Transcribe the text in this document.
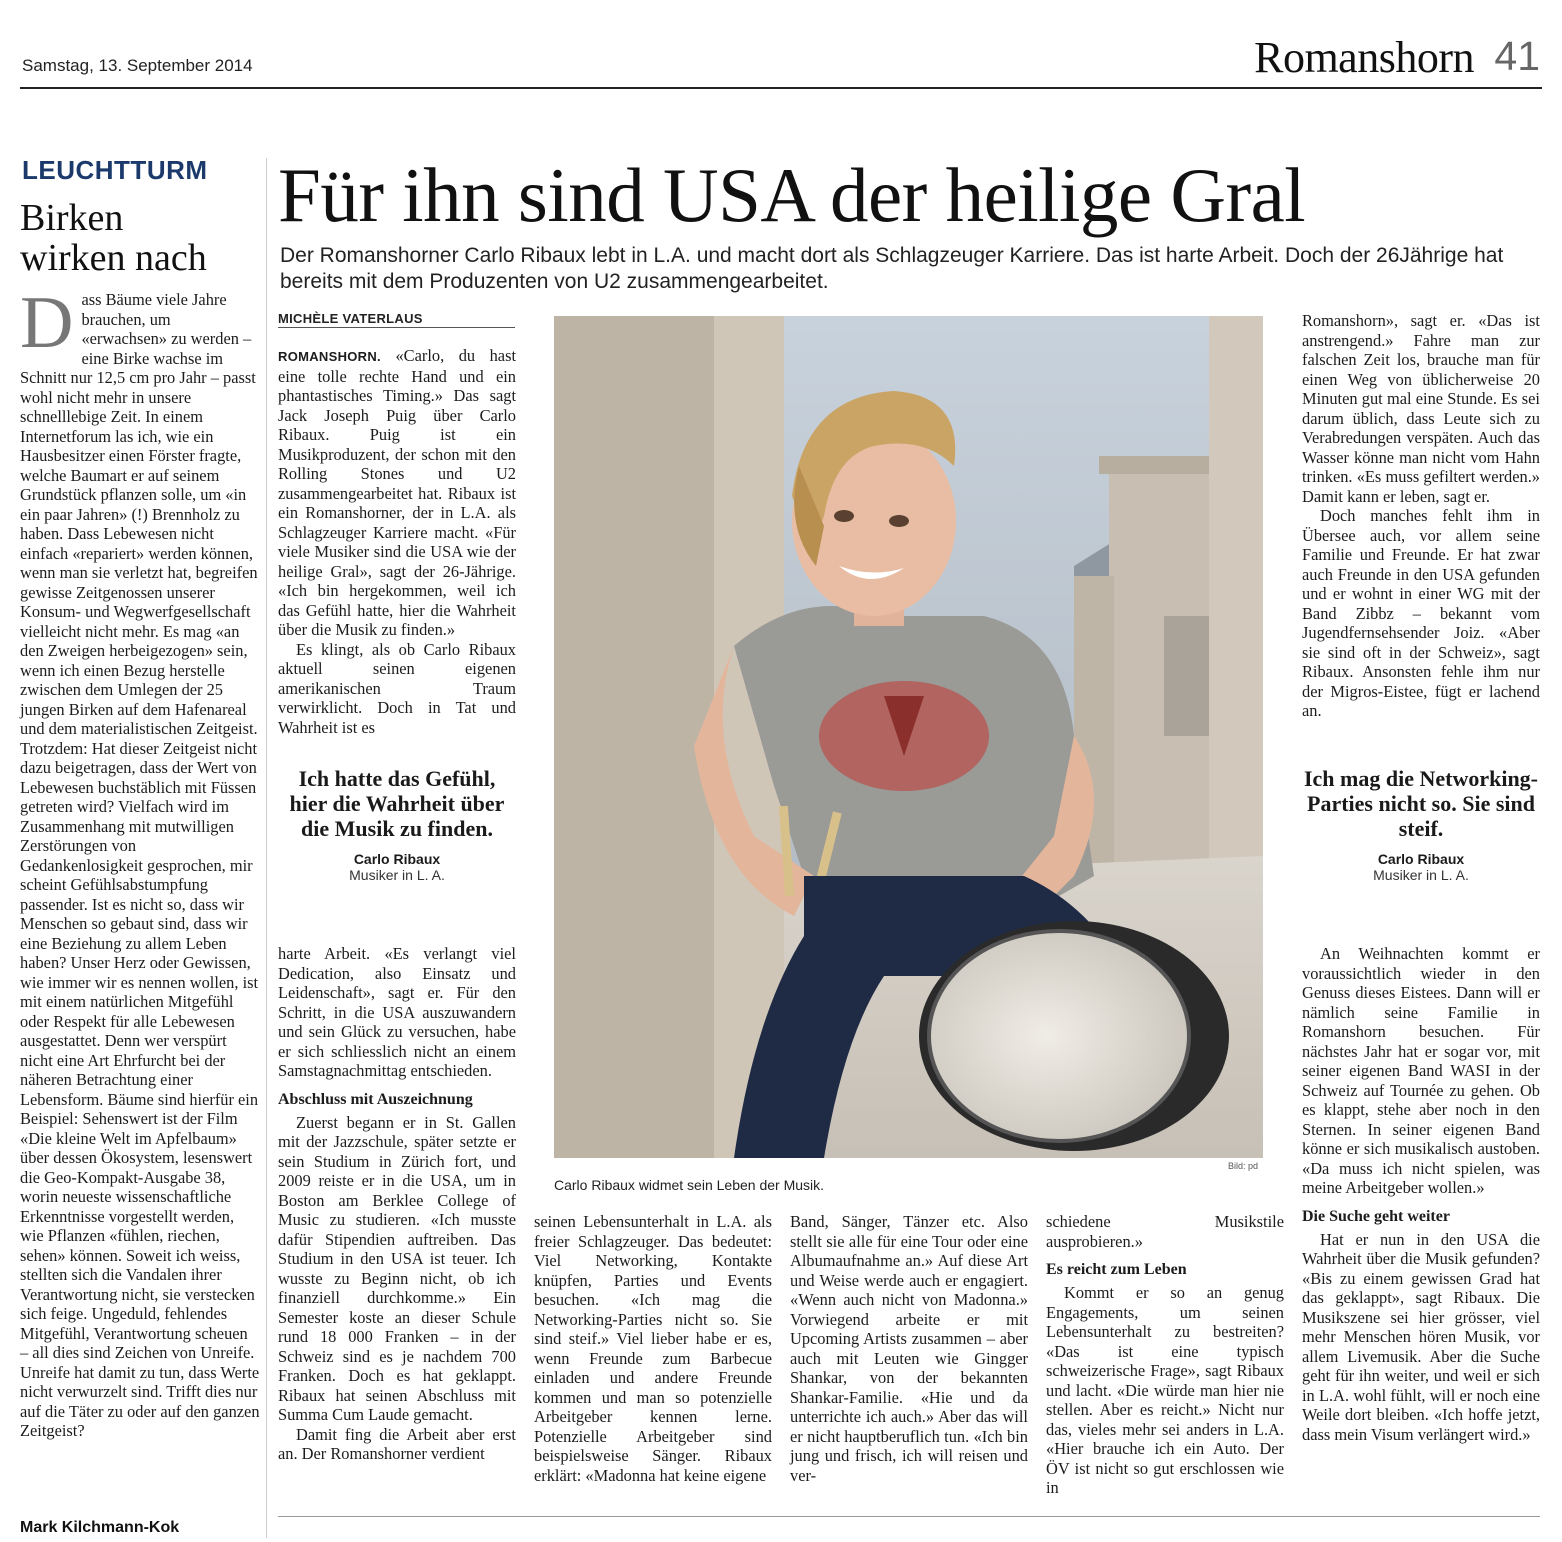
Samstag, 13. September 2014	Romanshorn 41
LEUCHTTURM
Birken
wirken nach
Dass Bäume viele Jahre brauchen, um «erwachsen» zu werden – eine Birke wachse im Schnitt nur 12,5 cm pro Jahr – passt wohl nicht mehr in unsere schnelllebige Zeit. In einem Internetforum las ich, wie ein Hausbesitzer einen Förster fragte, welche Baumart er auf seinem Grundstück pflanzen solle, um «in ein paar Jahren» (!) Brennholz zu haben. Dass Lebewesen nicht einfach «repariert» werden können, wenn man sie verletzt hat, begreifen gewisse Zeitgenossen unserer Konsum- und Wegwerfgesellschaft vielleicht nicht mehr. Es mag «an den Zweigen herbeigezogen» sein, wenn ich einen Bezug herstelle zwischen dem Umlegen der 25 jungen Birken auf dem Hafenareal und dem materialistischen Zeitgeist. Trotzdem: Hat dieser Zeitgeist nicht dazu beigetragen, dass der Wert von Lebewesen buchstäblich mit Füssen getreten wird? Vielfach wird im Zusammenhang mit mutwilligen Zerstörungen von Gedankenlosigkeit gesprochen, mir scheint Gefühlsabstumpfung passender. Ist es nicht so, dass wir Menschen so gebaut sind, dass wir eine Beziehung zu allem Leben haben? Unser Herz oder Gewissen, wie immer wir es nennen wollen, ist mit einem natürlichen Mitgefühl oder Respekt für alle Lebewesen ausgestattet. Denn wer verspürt nicht eine Art Ehrfurcht bei der näheren Betrachtung einer Lebensform. Bäume sind hierfür ein Beispiel: Sehenswert ist der Film «Die kleine Welt im Apfelbaum» über dessen Ökosystem, lesenswert die Geo-Kompakt-Ausgabe 38, worin neueste wissenschaftliche Erkenntnisse vorgestellt werden, wie Pflanzen «fühlen, riechen, sehen» können. Soweit ich weiss, stellten sich die Vandalen ihrer Verantwortung nicht, sie verstecken sich feige. Ungeduld, fehlendes Mitgefühl, Verantwortung scheuen – all dies sind Zeichen von Unreife. Unreife hat damit zu tun, dass Werte nicht verwurzelt sind. Trifft dies nur auf die Täter zu oder auf den ganzen Zeitgeist?
Mark Kilchmann-Kok
Für ihn sind USA der heilige Gral
Der Romanshorner Carlo Ribaux lebt in L.A. und macht dort als Schlagzeuger Karriere. Das ist harte Arbeit. Doch der 26Jährige hat bereits mit dem Produzenten von U2 zusammengearbeitet.
MICHÈLE VATERLAUS

ROMANSHORN. «Carlo, du hast eine tolle rechte Hand und ein phantastisches Timing.» Das sagt Jack Joseph Puig über Carlo Ribaux. Puig ist ein Musikproduzent, der schon mit den Rolling Stones und U2 zusammengearbeitet hat. Ribaux ist ein Romanshorner, der in L.A. als Schlagzeuger Karriere macht. «Für viele Musiker sind die USA wie der heilige Gral», sagt der 26-Jährige. «Ich bin hergekommen, weil ich das Gefühl hatte, hier die Wahrheit über die Musik zu finden.»

Es klingt, als ob Carlo Ribaux aktuell seinen eigenen amerikanischen Traum verwirklicht. Doch in Tat und Wahrheit ist es

Ich hatte das Gefühl, hier die Wahrheit über die Musik zu finden.
Carlo Ribaux
Musiker in L. A.

harte Arbeit. «Es verlangt viel Dedication, also Einsatz und Leidenschaft», sagt er. Für den Schritt, in die USA auszuwandern und sein Glück zu versuchen, habe er sich schliesslich nicht an einem Samstagnachmittag entschieden.

Abschluss mit Auszeichnung

Zuerst begann er in St. Gallen mit der Jazzschule, später setzte er sein Studium in Zürich fort, und 2009 reiste er in die USA, um in Boston am Berklee College of Music zu studieren. «Ich musste dafür Stipendien auftreiben. Das Studium in den USA ist teuer. Ich wusste zu Beginn nicht, ob ich finanziell durchkomme.» Ein Semester koste an dieser Schule rund 18 000 Franken – in der Schweiz sind es je nachdem 700 Franken. Doch es hat geklappt. Ribaux hat seinen Abschluss mit Summa Cum Laude gemacht.

Damit fing die Arbeit aber erst an. Der Romanshorner verdient

Bild: pd
Carlo Ribaux widmet sein Leben der Musik.

seinen Lebensunterhalt in L.A. als freier Schlagzeuger. Das bedeutet: Viel Networking, Kontakte knüpfen, Parties und Events besuchen. «Ich mag die Networking-Parties nicht so. Sie sind steif.» Viel lieber habe er es, wenn Freunde zum Barbecue einladen und andere Freunde kommen und man so potenzielle Arbeitgeber kennen lerne. Potenzielle Arbeitgeber sind beispielsweise Sänger. Ribaux erklärt: «Madonna hat keine eigene

Band, Sänger, Tänzer etc. Also stellt sie alle für eine Tour oder eine Albumaufnahme an.» Auf diese Art und Weise werde auch er engagiert. «Wenn auch nicht von Madonna.» Vorwiegend arbeite er mit Upcoming Artists zusammen – aber auch mit Leuten wie Gingger Shankar, von der bekannten Shankar-Familie. «Hie und da unterrichte ich auch.» Aber das will er nicht hauptberuflich tun. «Ich bin jung und frisch, ich will reisen und ver-

schiedene Musikstile ausprobieren.»

Es reicht zum Leben

Kommt er so an genug Engagements, um seinen Lebensunterhalt zu bestreiten? «Das ist eine typisch schweizerische Frage», sagt Ribaux und lacht. «Die würde man hier nie stellen. Aber es reicht.» Nicht nur das, vieles mehr sei anders in L.A. «Hier brauche ich ein Auto. Der ÖV ist nicht so gut erschlossen wie in

Romanshorn», sagt er. «Das ist anstrengend.» Fahre man zur falschen Zeit los, brauche man für einen Weg von üblicherweise 20 Minuten gut mal eine Stunde. Es sei darum üblich, dass Leute sich zu Verabredungen verspäten. Auch das Wasser könne man nicht vom Hahn trinken. «Es muss gefiltert werden.» Damit kann er leben, sagt er.

Doch manches fehlt ihm in Übersee auch, vor allem seine Familie und Freunde. Er hat zwar auch Freunde in den USA gefunden und er wohnt in einer WG mit der Band Zibbz – bekannt vom Jugendfernsehsender Joiz. «Aber sie sind oft in der Schweiz», sagt Ribaux. Ansonsten fehle ihm nur der Migros-Eistee, fügt er lachend an.

Ich mag die Networking-Parties nicht so. Sie sind steif.
Carlo Ribaux
Musiker in L. A.

An Weihnachten kommt er voraussichtlich wieder in den Genuss dieses Eistees. Dann will er nämlich seine Familie in Romanshorn besuchen. Für nächstes Jahr hat er sogar vor, mit seiner eigenen Band WASI in der Schweiz auf Tournée zu gehen. Ob es klappt, stehe aber noch in den Sternen. In seiner eigenen Band könne er sich musikalisch austoben. «Da muss ich nicht spielen, was meine Arbeitgeber wollen.»

Die Suche geht weiter

Hat er nun in den USA die Wahrheit über die Musik gefunden? «Bis zu einem gewissen Grad hat das geklappt», sagt Ribaux. Die Musikszene sei hier grösser, viel mehr Menschen hören Musik, vor allem Livemusik. Aber die Suche geht für ihn weiter, und weil er sich in L.A. wohl fühlt, will er noch eine Weile dort bleiben. «Ich hoffe jetzt, dass mein Visum verlängert wird.»
